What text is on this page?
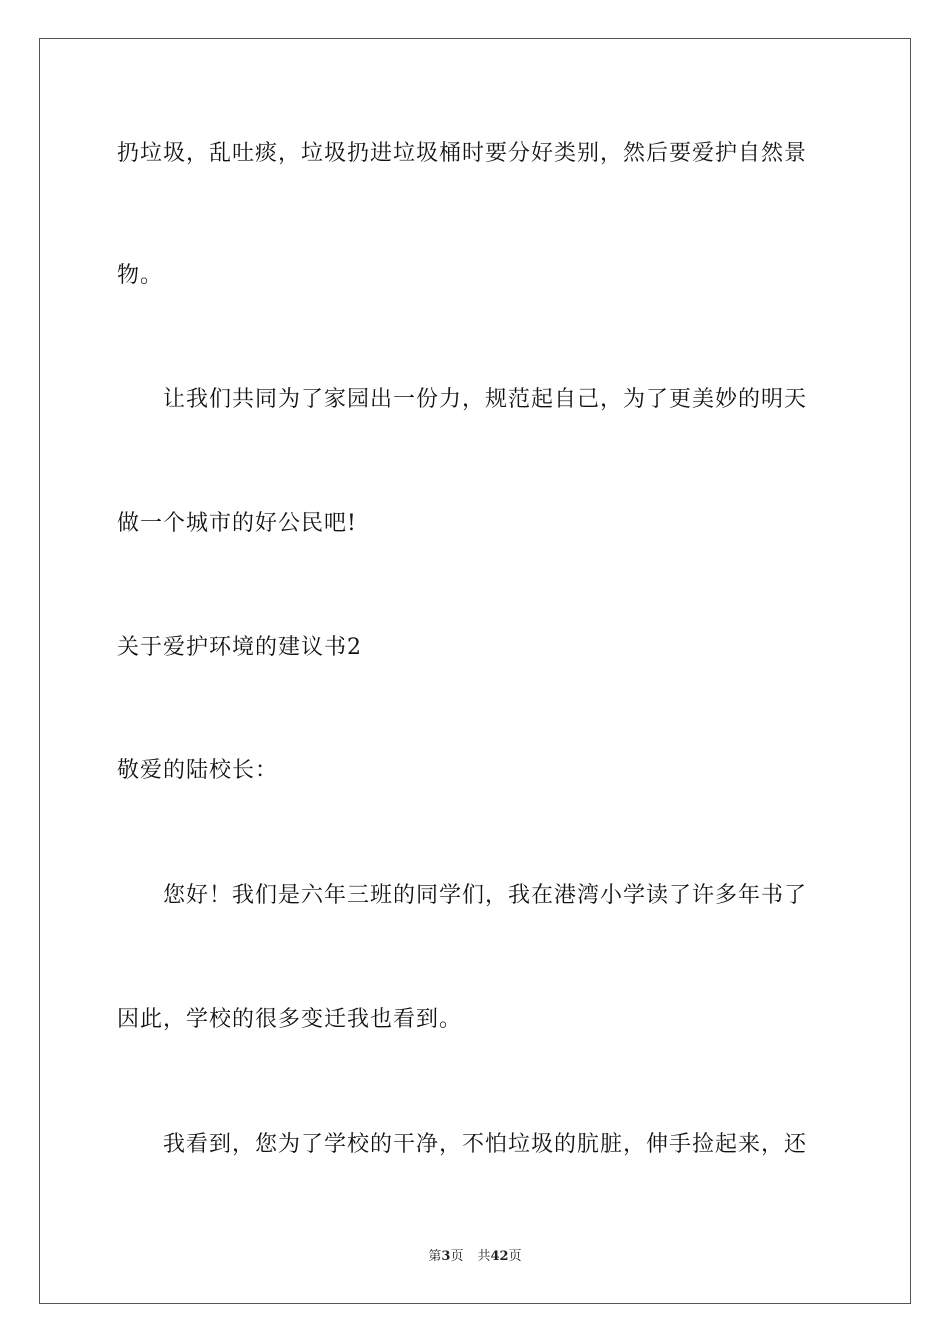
扔垃圾，乱吐痰，垃圾扔进垃圾桶时要分好类别，然后要爱护自然景
物。
让我们共同为了家园出一份力，规范起自己，为了更美妙的明天
做一个城市的好公民吧!
关于爱护环境的建议书2
敬爱的陆校长：
您好！我们是六年三班的同学们，我在港湾小学读了许多年书了
因此，学校的很多变迁我也看到。
我看到，您为了学校的干净，不怕垃圾的肮脏，伸手捡起来，还
第3页 共42页
